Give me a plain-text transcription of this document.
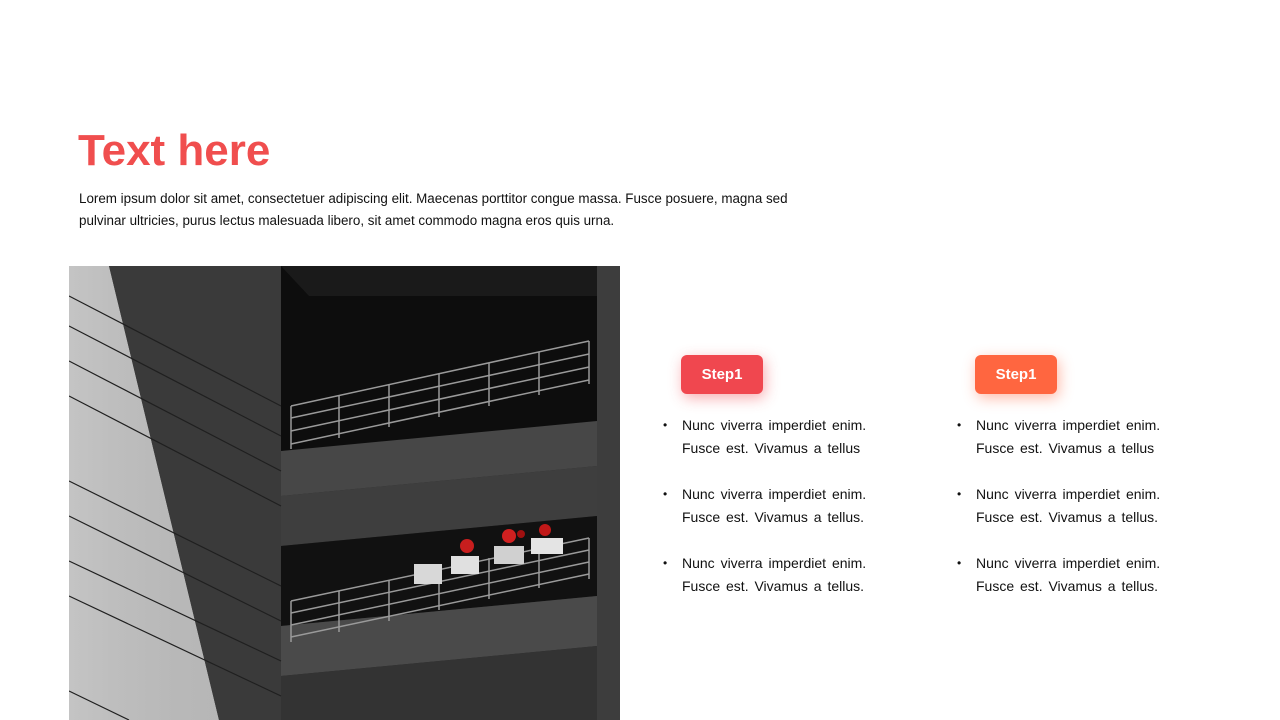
Text here

Lorem ipsum dolor sit amet, consectetuer adipiscing elit. Maecenas porttitor congue massa. Fusce posuere, magna sed pulvinar ultricies, purus lectus malesuada libero, sit amet commodo magna eros quis urna.

Step1
• Nunc viverra imperdiet enim. Fusce est. Vivamus a tellus
• Nunc viverra imperdiet enim. Fusce est. Vivamus a tellus.
• Nunc viverra imperdiet enim. Fusce est. Vivamus a tellus.
Step1
• Nunc viverra imperdiet enim. Fusce est. Vivamus a tellus
• Nunc viverra imperdiet enim. Fusce est. Vivamus a tellus.
• Nunc viverra imperdiet enim. Fusce est. Vivamus a tellus.
